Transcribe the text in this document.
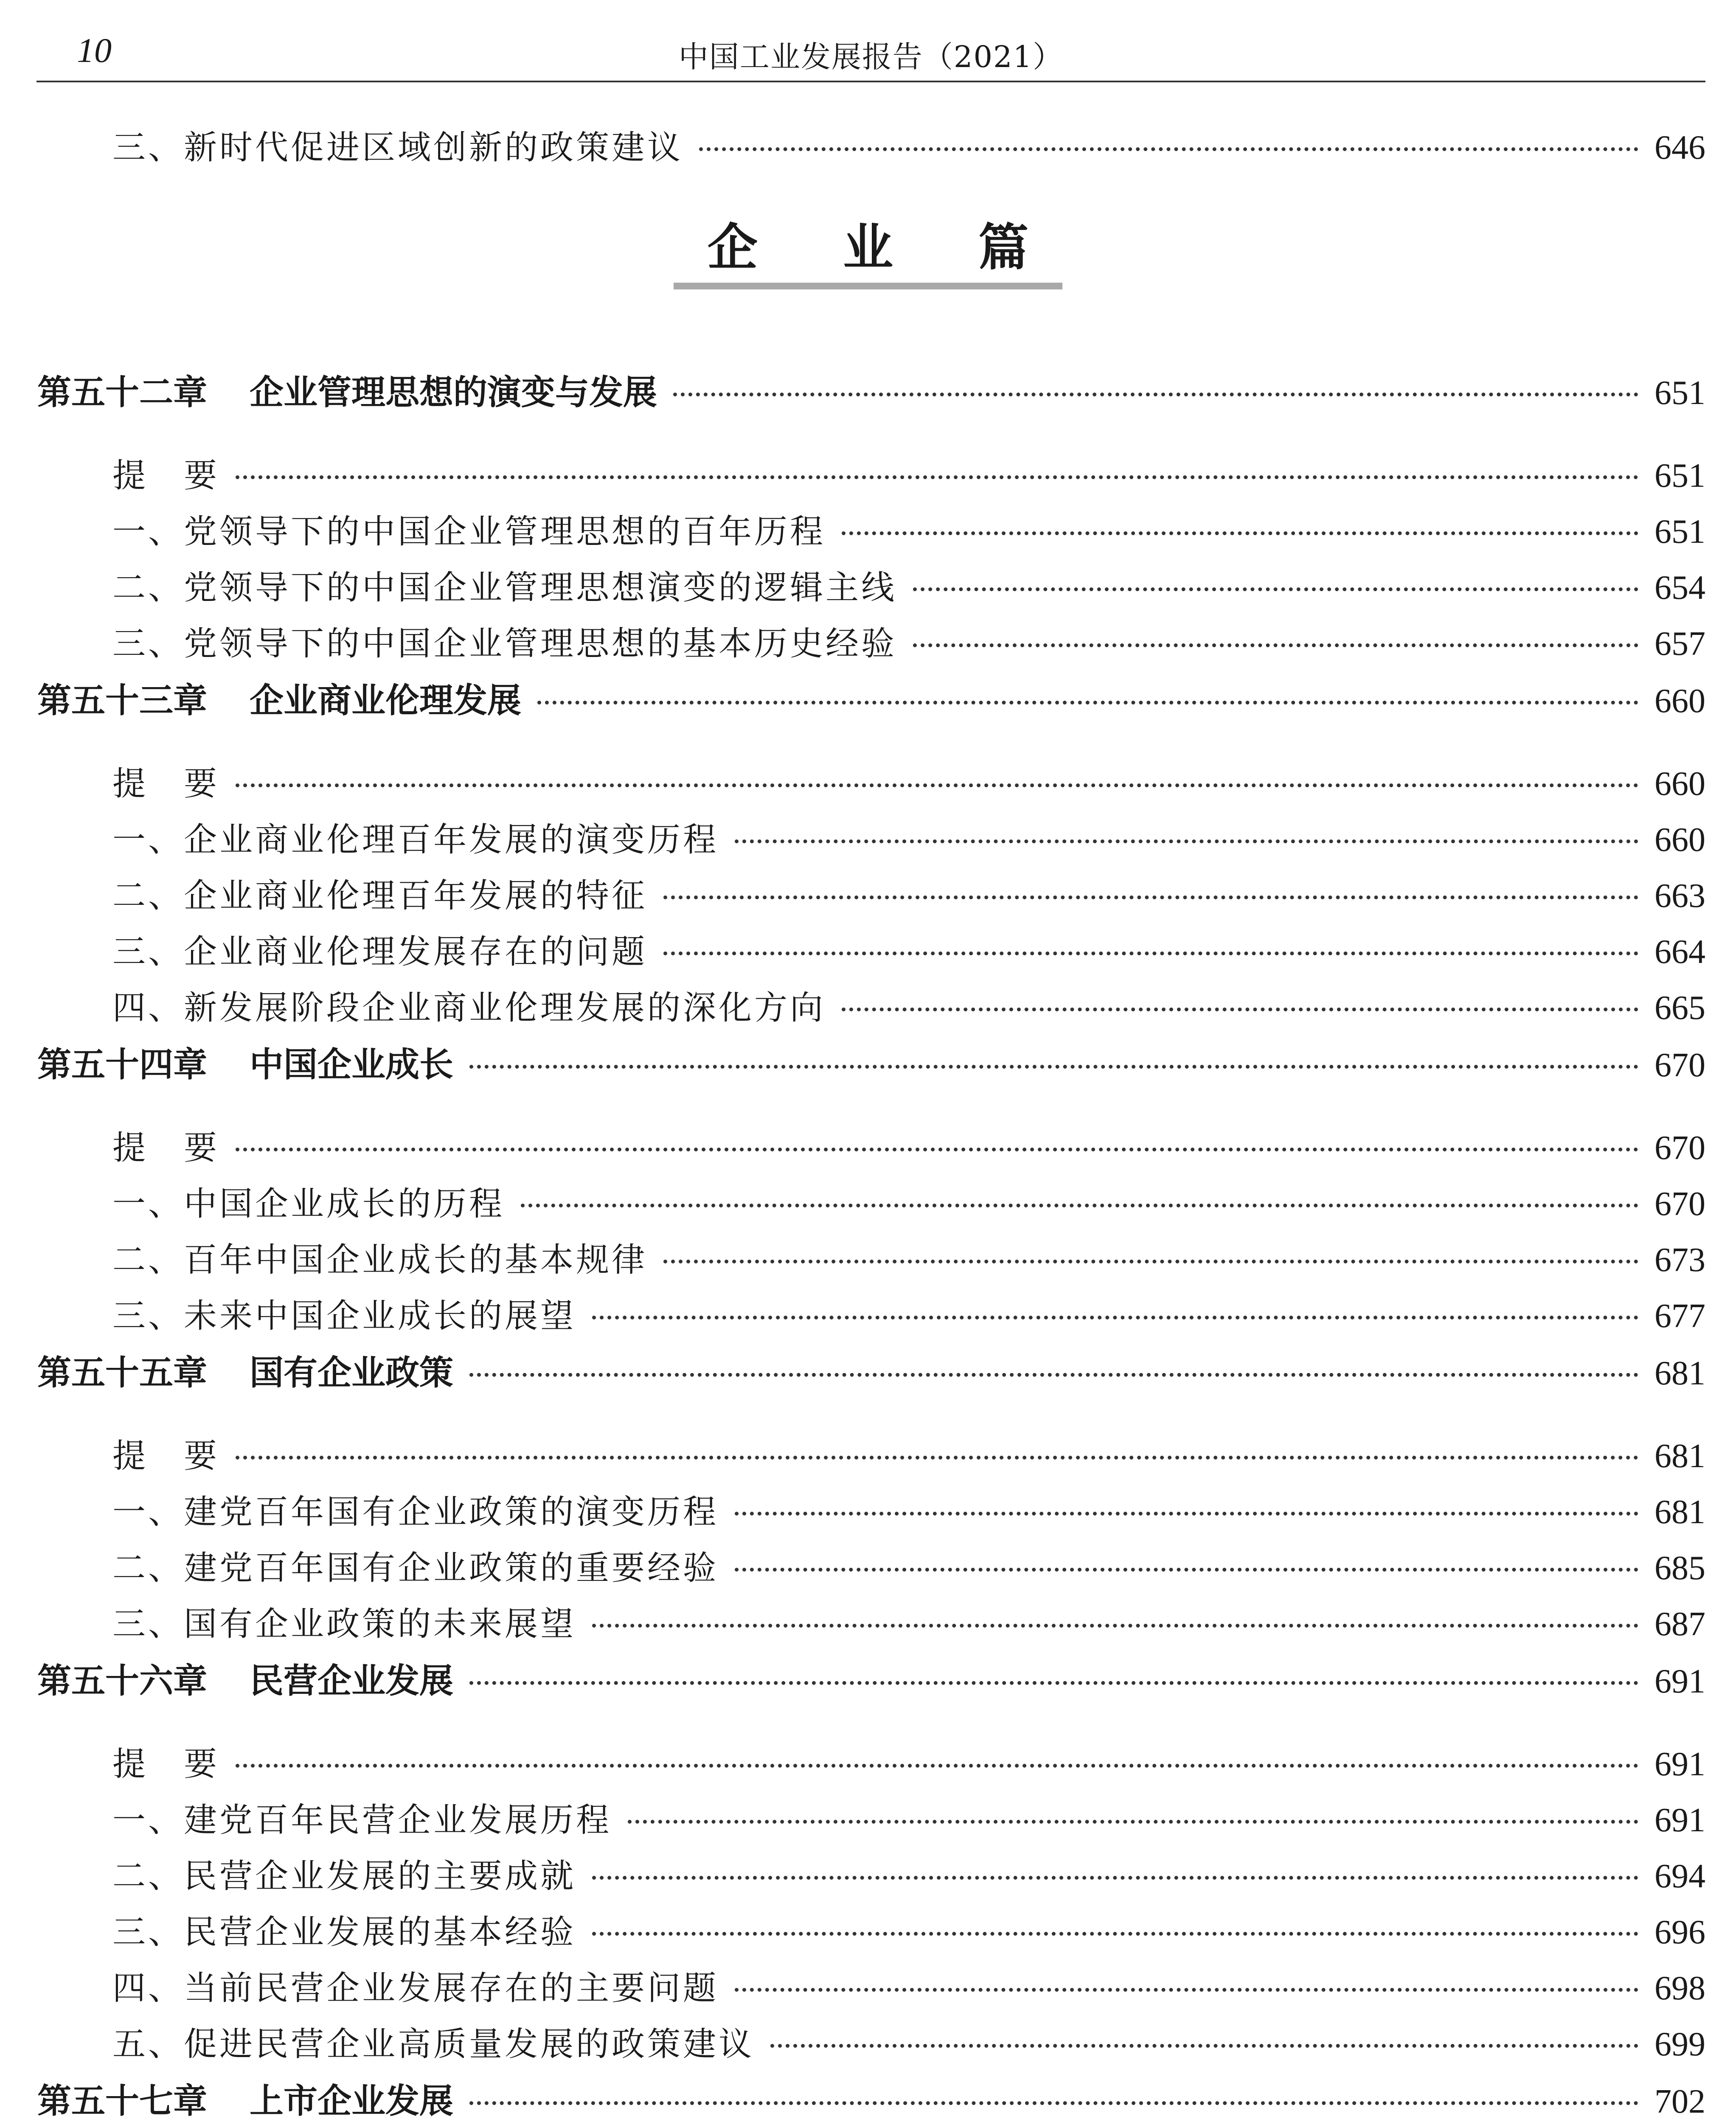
10	中国工业发展报告（2021）
三、新时代促进区域创新的政策建议	646
企 业 篇
第五十二章 企业管理思想的演变与发展	651
提　要	651
一、党领导下的中国企业管理思想的百年历程	651
二、党领导下的中国企业管理思想演变的逻辑主线	654
三、党领导下的中国企业管理思想的基本历史经验	657
第五十三章 企业商业伦理发展	660
提　要	660
一、企业商业伦理百年发展的演变历程	660
二、企业商业伦理百年发展的特征	663
三、企业商业伦理发展存在的问题	664
四、新发展阶段企业商业伦理发展的深化方向	665
第五十四章 中国企业成长	670
提　要	670
一、中国企业成长的历程	670
二、百年中国企业成长的基本规律	673
三、未来中国企业成长的展望	677
第五十五章 国有企业政策	681
提　要	681
一、建党百年国有企业政策的演变历程	681
二、建党百年国有企业政策的重要经验	685
三、国有企业政策的未来展望	687
第五十六章 民营企业发展	691
提　要	691
一、建党百年民营企业发展历程	691
二、民营企业发展的主要成就	694
三、民营企业发展的基本经验	696
四、当前民营企业发展存在的主要问题	698
五、促进民营企业高质量发展的政策建议	699
第五十七章 上市企业发展	702
